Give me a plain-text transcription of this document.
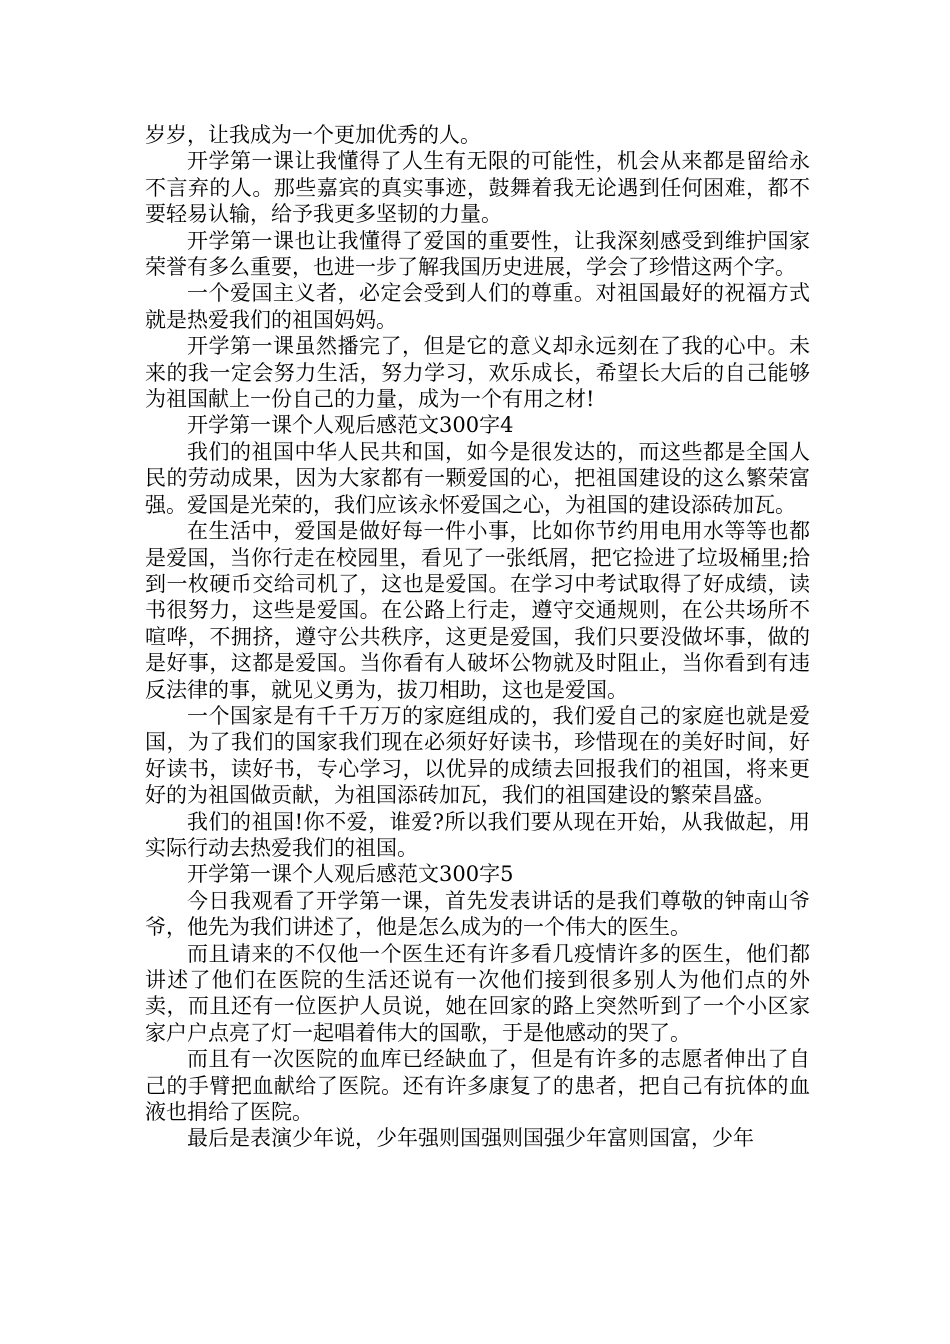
岁岁，让我成为一个更加优秀的人。

开学第一课让我懂得了人生有无限的可能性，机会从来都是留给永不言弃的人。那些嘉宾的真实事迹，鼓舞着我无论遇到任何困难，都不要轻易认输，给予我更多坚韧的力量。

开学第一课也让我懂得了爱国的重要性，让我深刻感受到维护国家荣誉有多么重要，也进一步了解我国历史进展，学会了珍惜这两个字。

一个爱国主义者，必定会受到人们的尊重。对祖国最好的祝福方式就是热爱我们的祖国妈妈。

开学第一课虽然播完了，但是它的意义却永远刻在了我的心中。未来的我一定会努力生活，努力学习，欢乐成长，希望长大后的自己能够为祖国献上一份自己的力量，成为一个有用之材!

开学第一课个人观后感范文300字4

我们的祖国中华人民共和国，如今是很发达的，而这些都是全国人民的劳动成果，因为大家都有一颗爱国的心，把祖国建设的这么繁荣富强。爱国是光荣的，我们应该永怀爱国之心，为祖国的建设添砖加瓦。

在生活中，爱国是做好每一件小事，比如你节约用电用水等等也都是爱国，当你行走在校园里，看见了一张纸屑，把它捡进了垃圾桶里;拾到一枚硬币交给司机了，这也是爱国。在学习中考试取得了好成绩，读书很努力，这些是爱国。在公路上行走，遵守交通规则，在公共场所不喧哗，不拥挤，遵守公共秩序，这更是爱国，我们只要没做坏事，做的是好事，这都是爱国。当你看有人破坏公物就及时阻止，当你看到有违反法律的事，就见义勇为，拔刀相助，这也是爱国。

一个国家是有千千万万的家庭组成的，我们爱自己的家庭也就是爱国，为了我们的国家我们现在必须好好读书，珍惜现在的美好时间，好好读书，读好书，专心学习，以优异的成绩去回报我们的祖国，将来更好的为祖国做贡献，为祖国添砖加瓦，我们的祖国建设的繁荣昌盛。

我们的祖国!你不爱，谁爱?所以我们要从现在开始，从我做起，用实际行动去热爱我们的祖国。

开学第一课个人观后感范文300字5

今日我观看了开学第一课，首先发表讲话的是我们尊敬的钟南山爷爷，他先为我们讲述了，他是怎么成为的一个伟大的医生。

而且请来的不仅他一个医生还有许多看几疫情许多的医生，他们都讲述了他们在医院的生活还说有一次他们接到很多别人为他们点的外卖，而且还有一位医护人员说，她在回家的路上突然听到了一个小区家家户户点亮了灯一起唱着伟大的国歌，于是他感动的哭了。

而且有一次医院的血库已经缺血了，但是有许多的志愿者伸出了自己的手臂把血献给了医院。还有许多康复了的患者，把自己有抗体的血液也捐给了医院。

最后是表演少年说，少年强则国强则国强少年富则国富，少年
